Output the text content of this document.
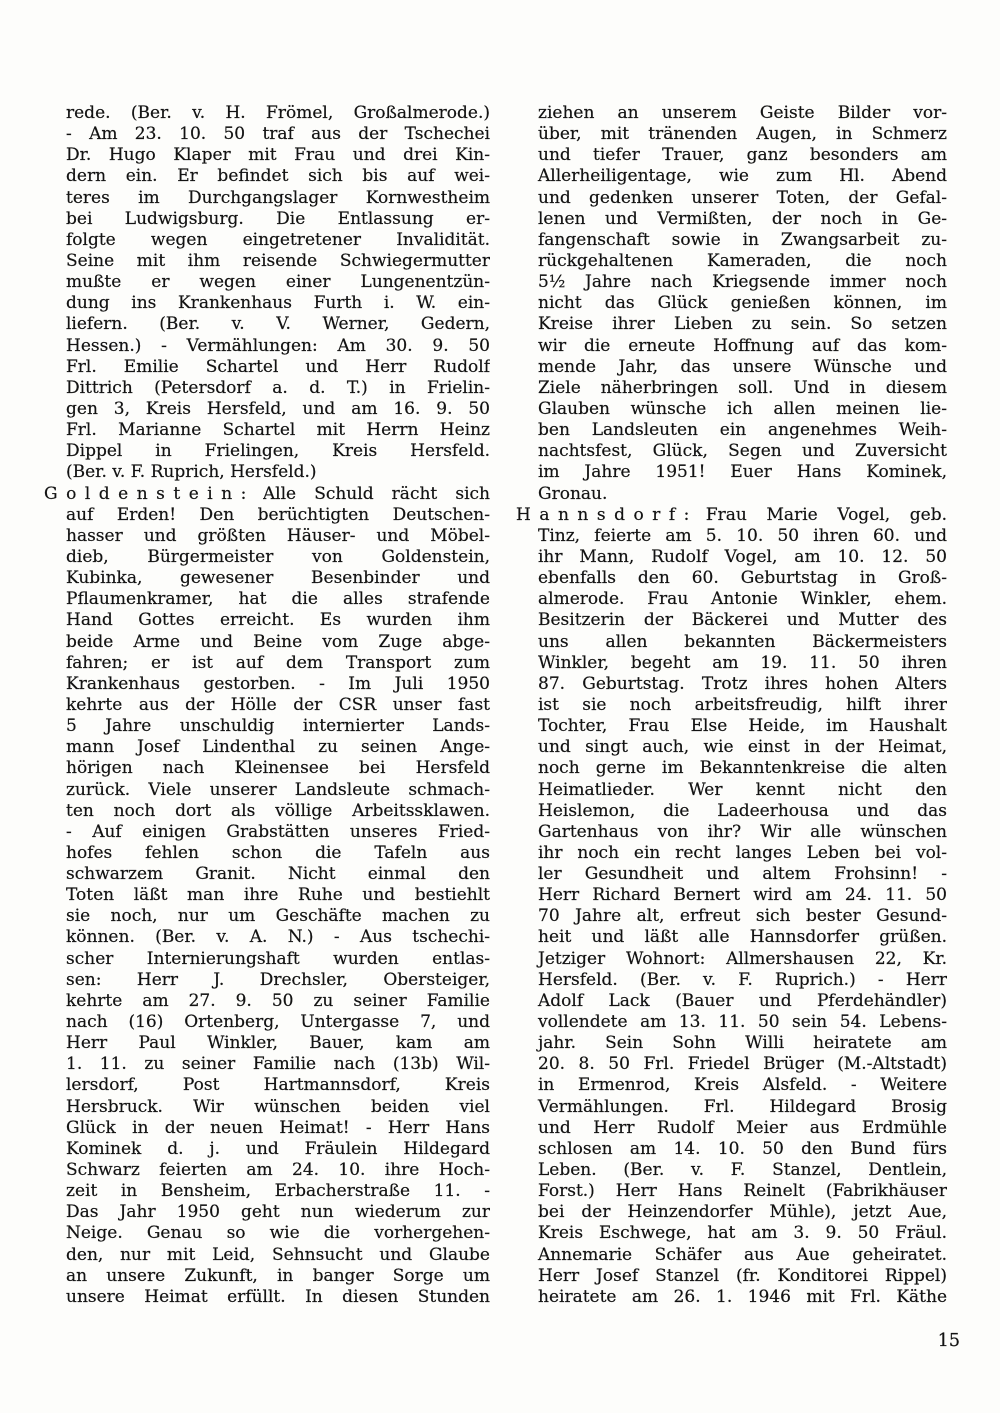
rede. (Ber. v. H. Frömel, Großalmerode.)
- Am 23. 10. 50 traf aus der Tschechei
Dr. Hugo Klaper mit Frau und drei Kin-
dern ein. Er befindet sich bis auf wei-
teres im Durchgangslager Kornwestheim
bei Ludwigsburg. Die Entlassung er-
folgte wegen eingetretener Invalidität.
Seine mit ihm reisende Schwiegermutter
mußte er wegen einer Lungenentzün-
dung ins Krankenhaus Furth i. W. ein-
liefern. (Ber. v. V. Werner, Gedern,
Hessen.) - Vermählungen: Am 30. 9. 50
Frl. Emilie Schartel und Herr Rudolf
Dittrich (Petersdorf a. d. T.) in Frielin-
gen 3, Kreis Hersfeld, und am 16. 9. 50
Frl. Marianne Schartel mit Herrn Heinz
Dippel in Frielingen, Kreis Hersfeld.
(Ber. v. F. Ruprich, Hersfeld.)
Goldenstein: Alle Schuld rächt sich
auf Erden! Den berüchtigten Deutschen-
hasser und größten Häuser- und Möbel-
dieb, Bürgermeister von Goldenstein,
Kubinka, gewesener Besenbinder und
Pflaumenkramer, hat die alles strafende
Hand Gottes erreicht. Es wurden ihm
beide Arme und Beine vom Zuge abge-
fahren; er ist auf dem Transport zum
Krankenhaus gestorben. - Im Juli 1950
kehrte aus der Hölle der CSR unser fast
5 Jahre unschuldig internierter Lands-
mann Josef Lindenthal zu seinen Ange-
hörigen nach Kleinensee bei Hersfeld
zurück. Viele unserer Landsleute schmach-
ten noch dort als völlige Arbeitssklawen.
- Auf einigen Grabstätten unseres Fried-
hofes fehlen schon die Tafeln aus
schwarzem Granit. Nicht einmal den
Toten läßt man ihre Ruhe und bestiehlt
sie noch, nur um Geschäfte machen zu
können. (Ber. v. A. N.) - Aus tschechi-
scher Internierungshaft wurden entlas-
sen: Herr J. Drechsler, Obersteiger,
kehrte am 27. 9. 50 zu seiner Familie
nach (16) Ortenberg, Untergasse 7, und
Herr Paul Winkler, Bauer, kam am
1. 11. zu seiner Familie nach (13b) Wil-
lersdorf, Post Hartmannsdorf, Kreis
Hersbruck. Wir wünschen beiden viel
Glück in der neuen Heimat! - Herr Hans
Kominek d. j. und Fräulein Hildegard
Schwarz feierten am 24. 10. ihre Hoch-
zeit in Bensheim, Erbacherstraße 11. -
Das Jahr 1950 geht nun wiederum zur
Neige. Genau so wie die vorhergehen-
den, nur mit Leid, Sehnsucht und Glaube
an unsere Zukunft, in banger Sorge um
unsere Heimat erfüllt. In diesen Stunden
ziehen an unserem Geiste Bilder vor-
über, mit tränenden Augen, in Schmerz
und tiefer Trauer, ganz besonders am
Allerheiligentage, wie zum Hl. Abend
und gedenken unserer Toten, der Gefal-
lenen und Vermißten, der noch in Ge-
fangenschaft sowie in Zwangsarbeit zu-
rückgehaltenen Kameraden, die noch
5½ Jahre nach Kriegsende immer noch
nicht das Glück genießen können, im
Kreise ihrer Lieben zu sein. So setzen
wir die erneute Hoffnung auf das kom-
mende Jahr, das unsere Wünsche und
Ziele näherbringen soll. Und in diesem
Glauben wünsche ich allen meinen lie-
ben Landsleuten ein angenehmes Weih-
nachtsfest, Glück, Segen und Zuversicht
im Jahre 1951! Euer Hans Kominek,
Gronau.
Hannsdorf: Frau Marie Vogel, geb.
Tinz, feierte am 5. 10. 50 ihren 60. und
ihr Mann, Rudolf Vogel, am 10. 12. 50
ebenfalls den 60. Geburtstag in Groß-
almerode. Frau Antonie Winkler, ehem.
Besitzerin der Bäckerei und Mutter des
uns allen bekannten Bäckermeisters
Winkler, begeht am 19. 11. 50 ihren
87. Geburtstag. Trotz ihres hohen Alters
ist sie noch arbeitsfreudig, hilft ihrer
Tochter, Frau Else Heide, im Haushalt
und singt auch, wie einst in der Heimat,
noch gerne im Bekanntenkreise die alten
Heimatlieder. Wer kennt nicht den
Heislemon, die Ladeerhousa und das
Gartenhaus von ihr? Wir alle wünschen
ihr noch ein recht langes Leben bei vol-
ler Gesundheit und altem Frohsinn! -
Herr Richard Bernert wird am 24. 11. 50
70 Jahre alt, erfreut sich bester Gesund-
heit und läßt alle Hannsdorfer grüßen.
Jetziger Wohnort: Allmershausen 22, Kr.
Hersfeld. (Ber. v. F. Ruprich.) - Herr
Adolf Lack (Bauer und Pferdehändler)
vollendete am 13. 11. 50 sein 54. Lebens-
jahr. Sein Sohn Willi heiratete am
20. 8. 50 Frl. Friedel Brüger (M.-Altstadt)
in Ermenrod, Kreis Alsfeld. - Weitere
Vermählungen. Frl. Hildegard Brosig
und Herr Rudolf Meier aus Erdmühle
schlosen am 14. 10. 50 den Bund fürs
Leben. (Ber. v. F. Stanzel, Dentlein,
Forst.) Herr Hans Reinelt (Fabrikhäuser
bei der Heinzendorfer Mühle), jetzt Aue,
Kreis Eschwege, hat am 3. 9. 50 Fräul.
Annemarie Schäfer aus Aue geheiratet.
Herr Josef Stanzel (fr. Konditorei Rippel)
heiratete am 26. 1. 1946 mit Frl. Käthe
15
